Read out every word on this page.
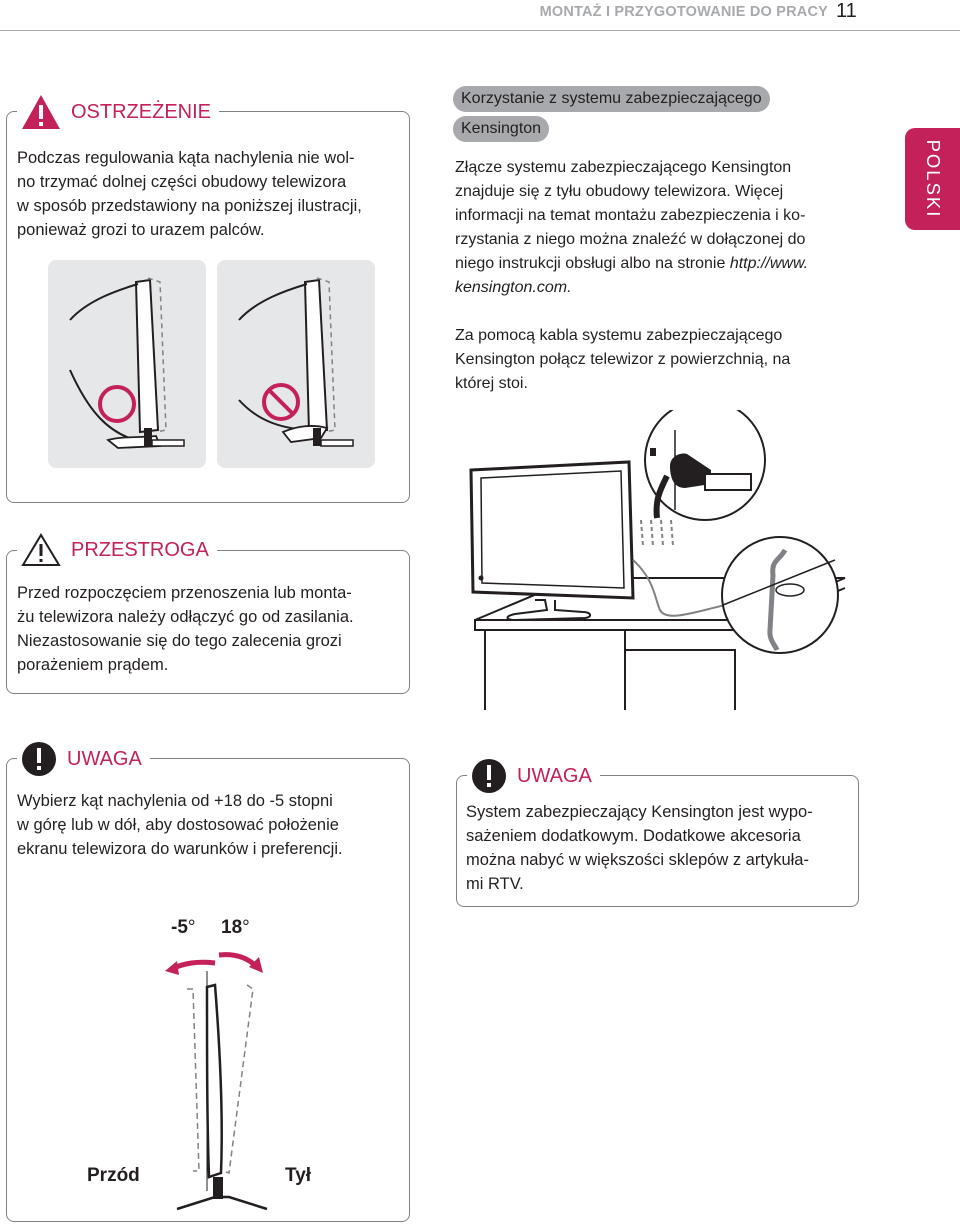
MONTAŻ I PRZYGOTOWANIE DO PRACY 11
POLSKI
OSTRZEŻENIE
Podczas regulowania kąta nachylenia nie wol-
no trzymać dolnej części obudowy telewizora
w sposób przedstawiony na poniższej ilustracji,
ponieważ grozi to urazem palców.
Korzystanie z systemu zabezpieczającego
Kensington
Złącze systemu zabezpieczającego Kensington
znajduje się z tyłu obudowy telewizora. Więcej
informacji na temat montażu zabezpieczenia i ko-
rzystania z niego można znaleźć w dołączonej do
niego instrukcji obsługi albo na stronie http://www.
kensington.com.
Za pomocą kabla systemu zabezpieczającego
Kensington połącz telewizor z powierzchnią, na
której stoi.
PRZESTROGA
Przed rozpoczęciem przenoszenia lub monta-
żu telewizora należy odłączyć go od zasilania.
Niezastosowanie się do tego zalecenia grozi
porażeniem prądem.
UWAGA
Wybierz kąt nachylenia od +18 do -5 stopni
w górę lub w dół, aby dostosować położenie
ekranu telewizora do warunków i preferencji.
-5° 18°
Przód	Tył
UWAGA
System zabezpieczający Kensington jest wypo-
sażeniem dodatkowym. Dodatkowe akcesoria
można nabyć w większości sklepów z artykuła-
mi RTV.
